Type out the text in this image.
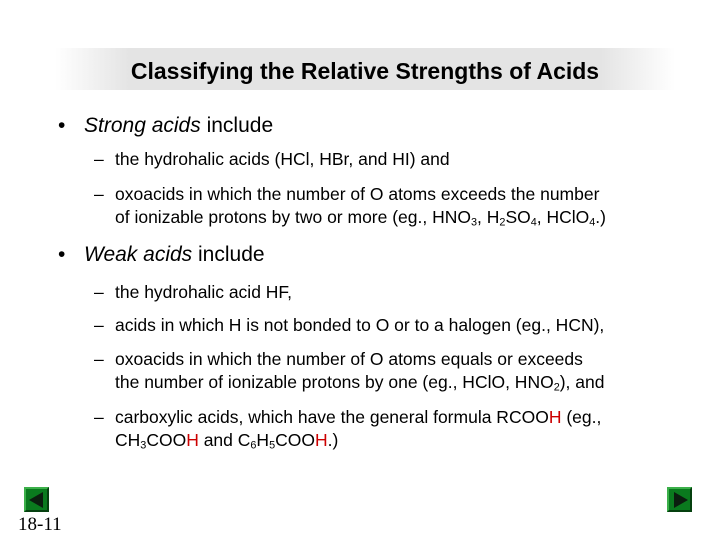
Classifying the Relative Strengths of Acids
• Strong acids include
– the hydrohalic acids (HCl, HBr, and HI) and
– oxoacids in which the number of O atoms exceeds the number
of ionizable protons by two or more (eg., $HNO_3$, $H_2SO_4$, HClO$_4$.)
• Weak acids include
– the hydrohalic acid HF,
– acids in which H is not bonded to O or to a halogen (eg., HCN),
– oxoacids in which the number of O atoms equals or exceeds
the number of ionizable protons by one (eg., HClO, $HNO_2$), and
– carboxylic acids, which have the general formula RCOOH (eg.,
$CH_3COOH$ and $C_6H_5COOH$.)
18-11
